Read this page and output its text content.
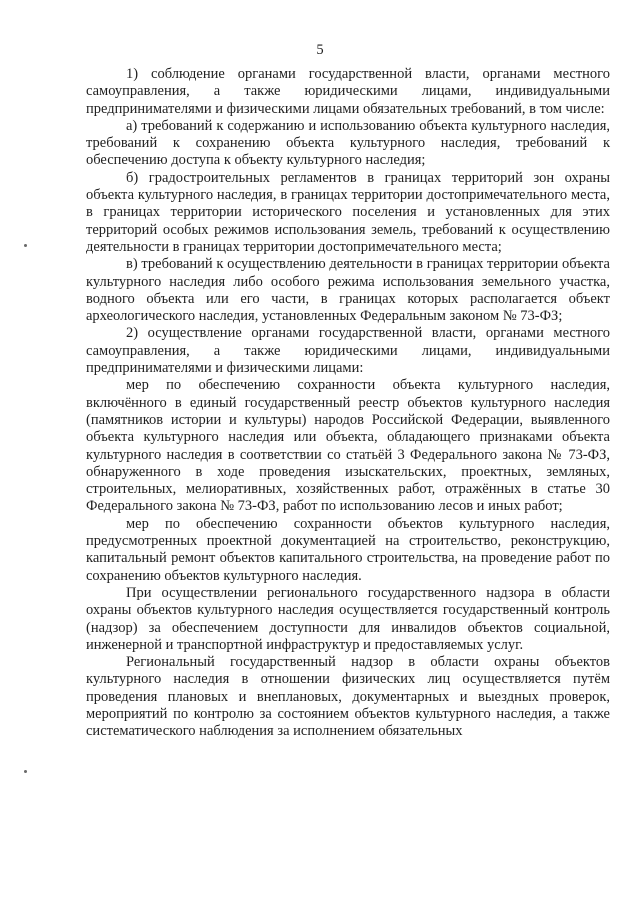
5

1) соблюдение органами государственной власти, органами местного самоуправления, а также юридическими лицами, индивидуальными предпринимателями и физическими лицами обязательных требований, в том числе:

а) требований к содержанию и использованию объекта культурного наследия, требований к сохранению объекта культурного наследия, требований к обеспечению доступа к объекту культурного наследия;

б) градостроительных регламентов в границах территорий зон охраны объекта культурного наследия, в границах территории достопримечательного места, в границах территории исторического поселения и установленных для этих территорий особых режимов использования земель, требований к осуществлению деятельности в границах территории достопримечательного места;

в) требований к осуществлению деятельности в границах территории объекта культурного наследия либо особого режима использования земельного участка, водного объекта или его части, в границах которых располагается объект археологического наследия, установленных Федеральным законом № 73-ФЗ;

2) осуществление органами государственной власти, органами местного самоуправления, а также юридическими лицами, индивидуальными предпринимателями и физическими лицами:

мер по обеспечению сохранности объекта культурного наследия, включённого в единый государственный реестр объектов культурного наследия (памятников истории и культуры) народов Российской Федерации, выявленного объекта культурного наследия или объекта, обладающего признаками объекта культурного наследия в соответствии со статьёй 3 Федерального закона № 73-ФЗ, обнаруженного в ходе проведения изыскательских, проектных, земляных, строительных, мелиоративных, хозяйственных работ, отражённых в статье 30 Федерального закона № 73-ФЗ, работ по использованию лесов и иных работ;

мер по обеспечению сохранности объектов культурного наследия, предусмотренных проектной документацией на строительство, реконструкцию, капитальный ремонт объектов капитального строительства, на проведение работ по сохранению объектов культурного наследия.

При осуществлении регионального государственного надзора в области охраны объектов культурного наследия осуществляется государственный контроль (надзор) за обеспечением доступности для инвалидов объектов социальной, инженерной и транспортной инфраструктур и предоставляемых услуг.

Региональный государственный надзор в области охраны объектов культурного наследия в отношении физических лиц осуществляется путём проведения плановых и внеплановых, документарных и выездных проверок, мероприятий по контролю за состоянием объектов культурного наследия, а также систематического наблюдения за исполнением обязательных
